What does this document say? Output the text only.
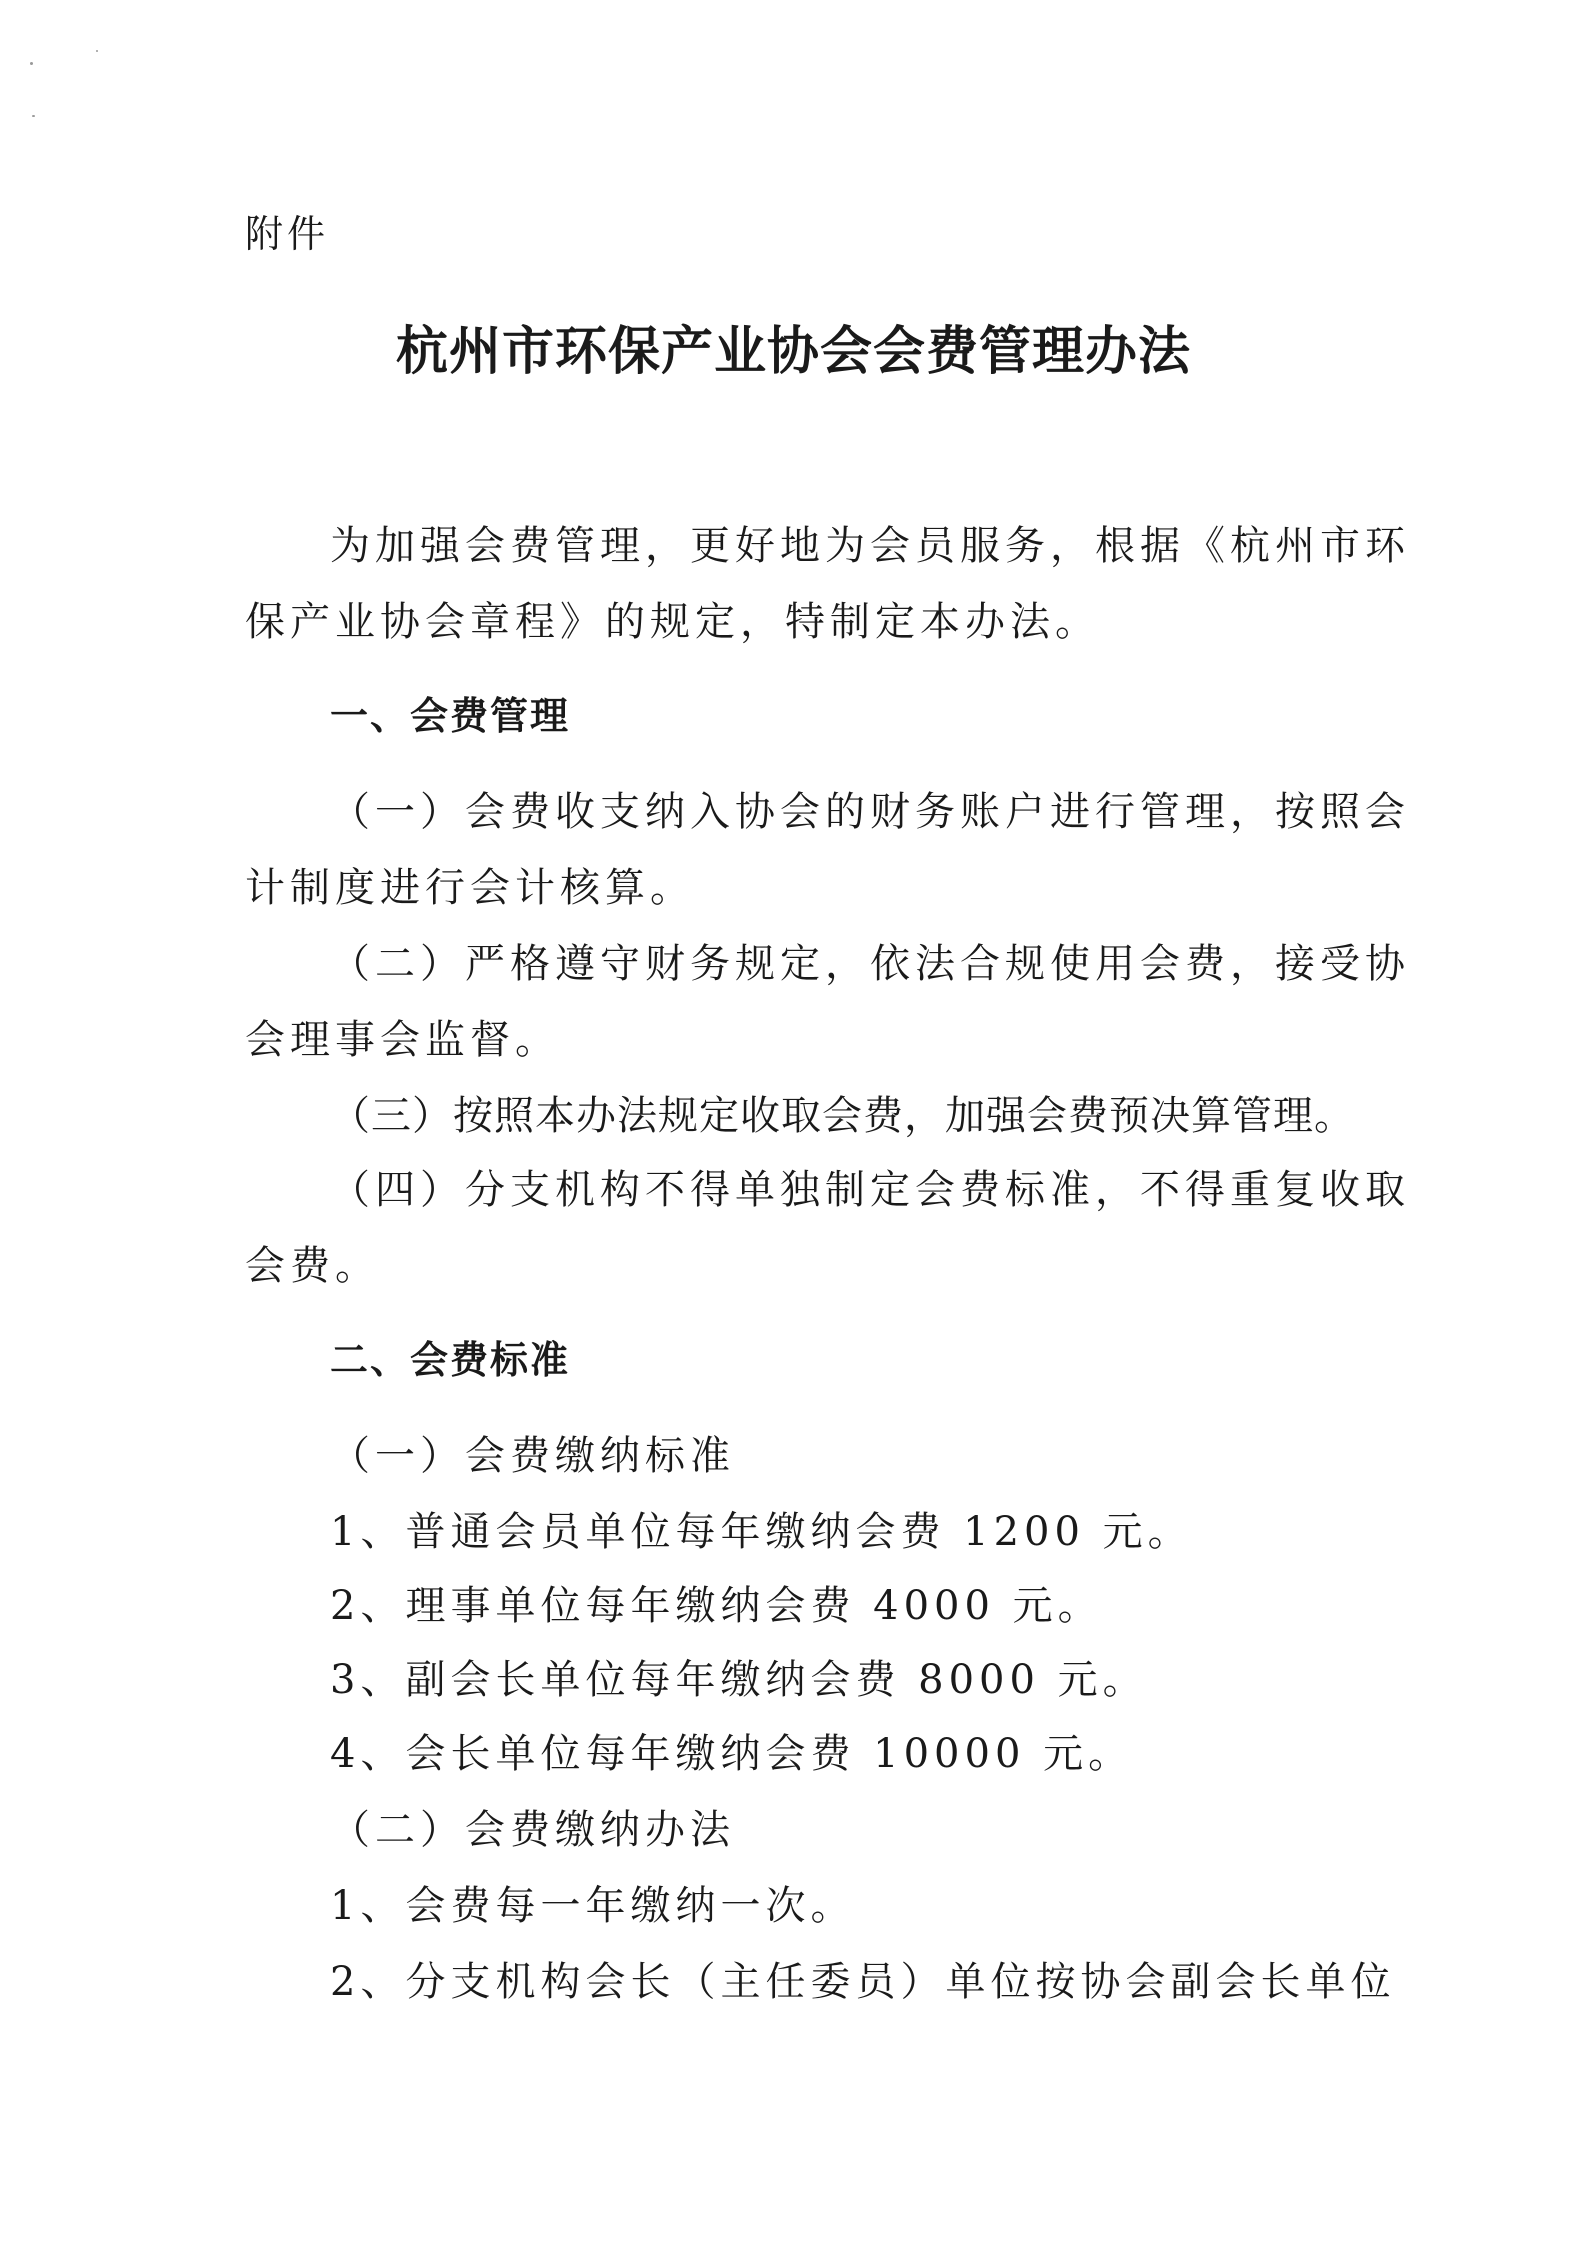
附件
杭州市环保产业协会会费管理办法
为加强会费管理，更好地为会员服务，根据《杭州市环
保产业协会章程》的规定，特制定本办法。
一、会费管理
（一）会费收支纳入协会的财务账户进行管理，按照会
计制度进行会计核算。
（二）严格遵守财务规定，依法合规使用会费，接受协
会理事会监督。
（三）按照本办法规定收取会费，加强会费预决算管理。
（四）分支机构不得单独制定会费标准，不得重复收取
会费。
二、会费标准
（一）会费缴纳标准
1、普通会员单位每年缴纳会费 1200 元。
2、理事单位每年缴纳会费 4000 元。
3、副会长单位每年缴纳会费 8000 元。
4、会长单位每年缴纳会费 10000 元。
（二）会费缴纳办法
1、会费每一年缴纳一次。
2、分支机构会长（主任委员）单位按协会副会长单位
